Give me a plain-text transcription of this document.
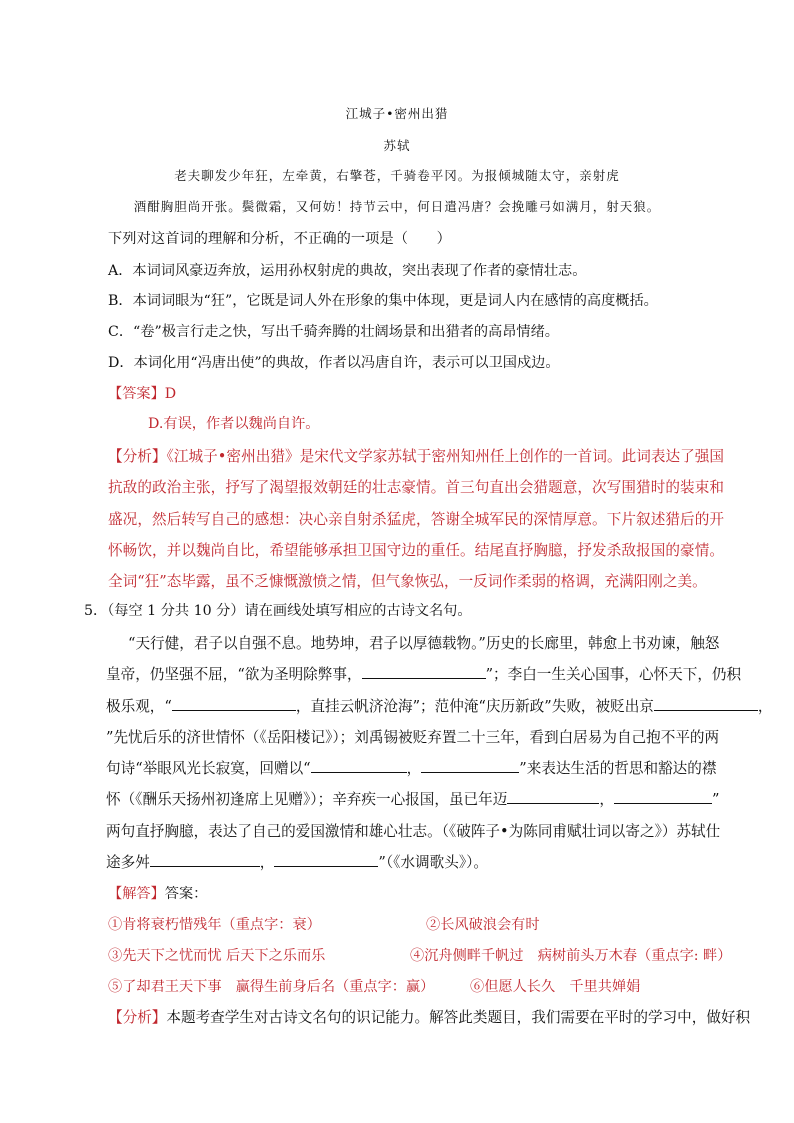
江城子•密州出猎
苏轼
老夫聊发少年狂，左牵黄，右擎苍，千骑卷平冈。为报倾城随太守，亲射虎
酒酣胸胆尚开张。鬓微霜，又何妨！持节云中，何日遣冯唐？会挽雕弓如满月，射天狼。
下列对这首词的理解和分析，不正确的一项是（　　）
A．本词词风豪迈奔放，运用孙权射虎的典故，突出表现了作者的豪情壮志。
B．本词词眼为“狂”，它既是词人外在形象的集中体现，更是词人内在感情的高度概括。
C．“卷”极言行走之快，写出千骑奔腾的壮阔场景和出猎者的高昂情绪。
D．本词化用“冯唐出使”的典故，作者以冯唐自许，表示可以卫国戍边。
【答案】D
D.有误，作者以魏尚自许。
【分析】《江城子•密州出猎》是宋代文学家苏轼于密州知州任上创作的一首词。此词表达了强国抗敌的政治主张，抒写了渴望报效朝廷的壮志豪情。首三句直出会猎题意，次写围猎时的装束和盛况，然后转写自己的感想：决心亲自射杀猛虎，答谢全城军民的深情厚意。下片叙述猎后的开怀畅饮，并以魏尚自比，希望能够承担卫国守边的重任。结尾直抒胸臆，抒发杀敌报国的豪情。全词“狂”态毕露，虽不乏慷慨激愤之情，但气象恢弘，一反词作柔弱的格调，充满阳刚之美。
5．（每空 1 分共 10 分）请在画线处填写相应的古诗文名句。
“天行健，君子以自强不息。地势坤，君子以厚德载物。”历史的长廊里，韩愈上书劝谏，触怒
皇帝，仍坚强不屈，“欲为圣明除弊事，	”；李白一生关心国事，心怀天下，仍积
极乐观，“	，直挂云帆济沧海”；范仲淹“庆历新政”失败，被贬出京	，
”先忧后乐的济世情怀（《岳阳楼记》）；刘禹锡被贬弃置二十三年，看到白居易为自己抱不平的两
句诗“举眼风光长寂寞，回赠以“	，	”来表达生活的哲思和豁达的襟
怀（《酬乐天扬州初逢席上见赠》）；辛弃疾一心报国，虽已年迈	，	”
两句直抒胸臆，表达了自己的爱国激情和雄心壮志。（《破阵子•为陈同甫赋壮词以寄之》）苏轼仕
途多舛	，	”（《水调歌头》）。
【解答】答案：
①肯将衰朽惜残年（重点字：衰）	②长风破浪会有时
③先天下之忧而忧 后天下之乐而乐	④沉舟侧畔千帆过　病树前头万木春（重点字: 畔）
⑤了却君王天下事　赢得生前身后名（重点字：赢）	⑥但愿人长久　千里共婵娟
【分析】本题考查学生对古诗文名句的识记能力。解答此类题目，我们需要在平时的学习中，做好积
